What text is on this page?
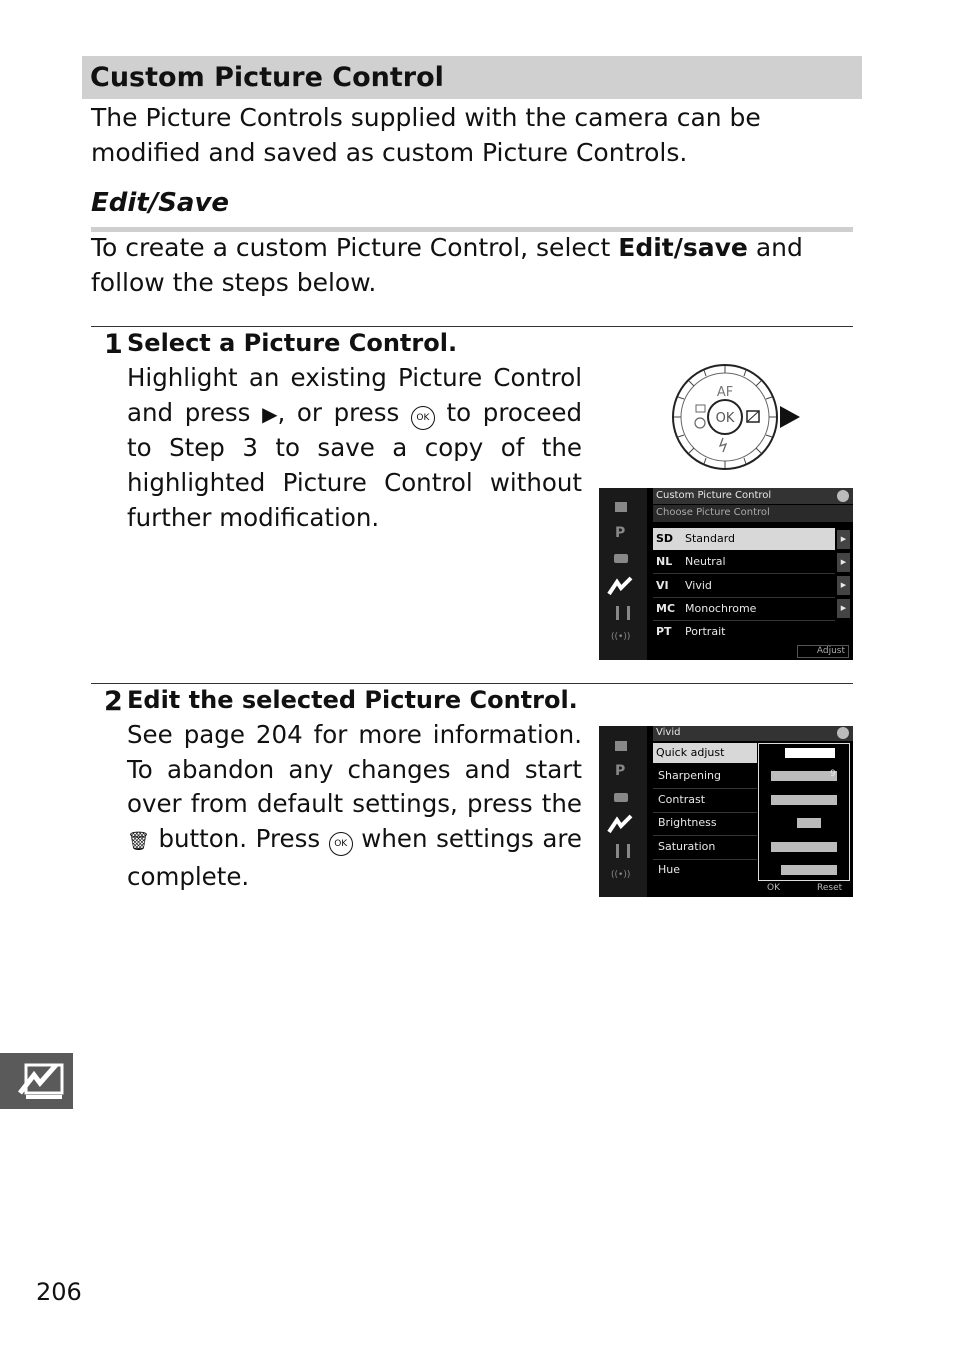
Custom Picture Control
The Picture Controls supplied with the camera can be modified and saved as custom Picture Controls.
Edit/Save
To create a custom Picture Control, select Edit/save and follow the steps below.
1 Select a Picture Control.
Highlight an existing Picture Control and press ▶, or press OK to proceed to Step 3 to save a copy of the highlighted Picture Control without further modification.
OK
AF
P
((•))
Custom Picture Control
Choose Picture Control
SD Standard
NL Neutral
VI Vivid
MC Monochrome
PT Portrait
▶
▶
▶
▶
Adjust
2 Edit the selected Picture Control.
See page 204 for more information. To abandon any changes and start over from default settings, press the 🗑 button. Press OK when settings are complete.
P
((•))
Vivid
Quick adjust
Sharpening	9
Contrast
Brightness
Saturation
Hue
OK	Reset
206
